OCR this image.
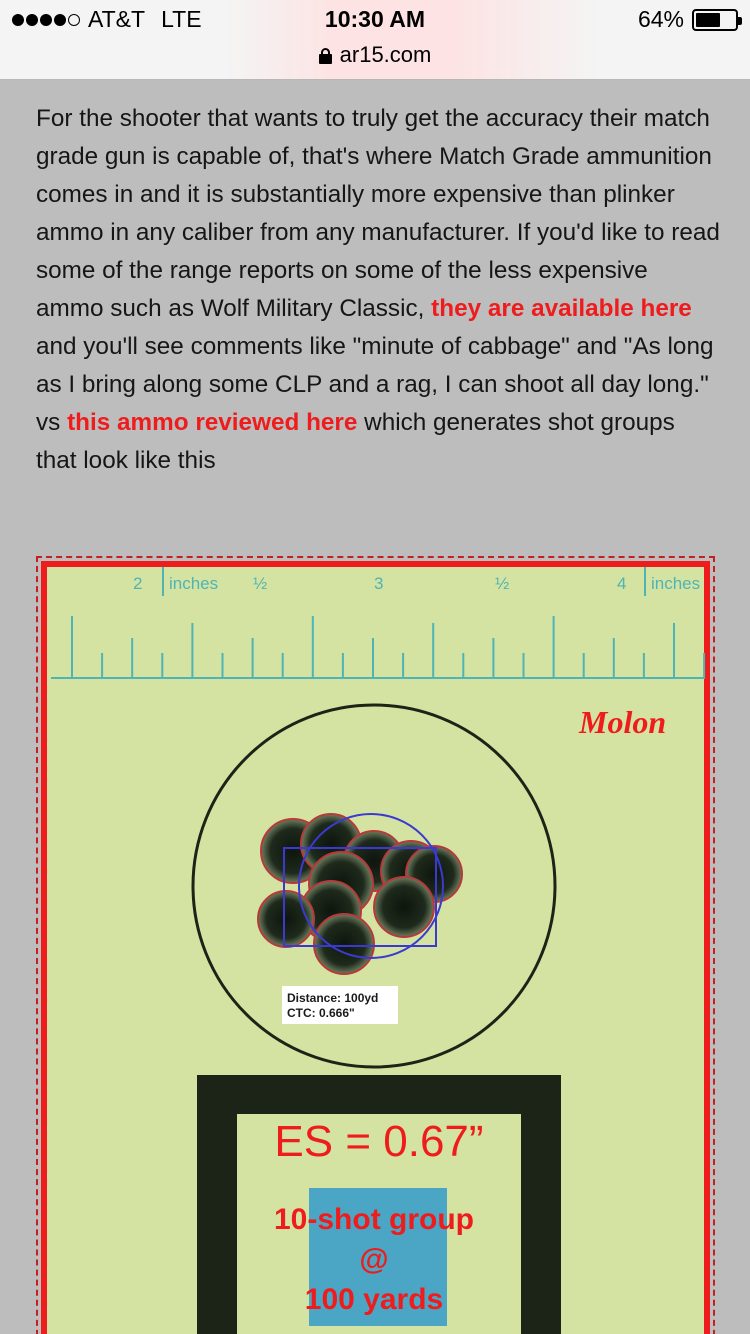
AT&T LTE	10:30 AM	64%
ar15.com
For the shooter that wants to truly get the accuracy their match grade gun is capable of, that's where Match Grade ammunition comes in and it is substantially more expensive than plinker ammo in any caliber from any manufacturer. If you'd like to read some of the range reports on some of the less expensive ammo such as Wolf Military Classic, they are available here and you'll see comments like "minute of cabbage" and "As long as I bring along some CLP and a rag, I can shoot all day long." vs this ammo reviewed here which generates shot groups that look like this
2 inches ½	3	½	4 inches
Molon
Distance: 100yd
CTC: 0.666"
ES = 0.67”
10-shot group
@
100 yards
